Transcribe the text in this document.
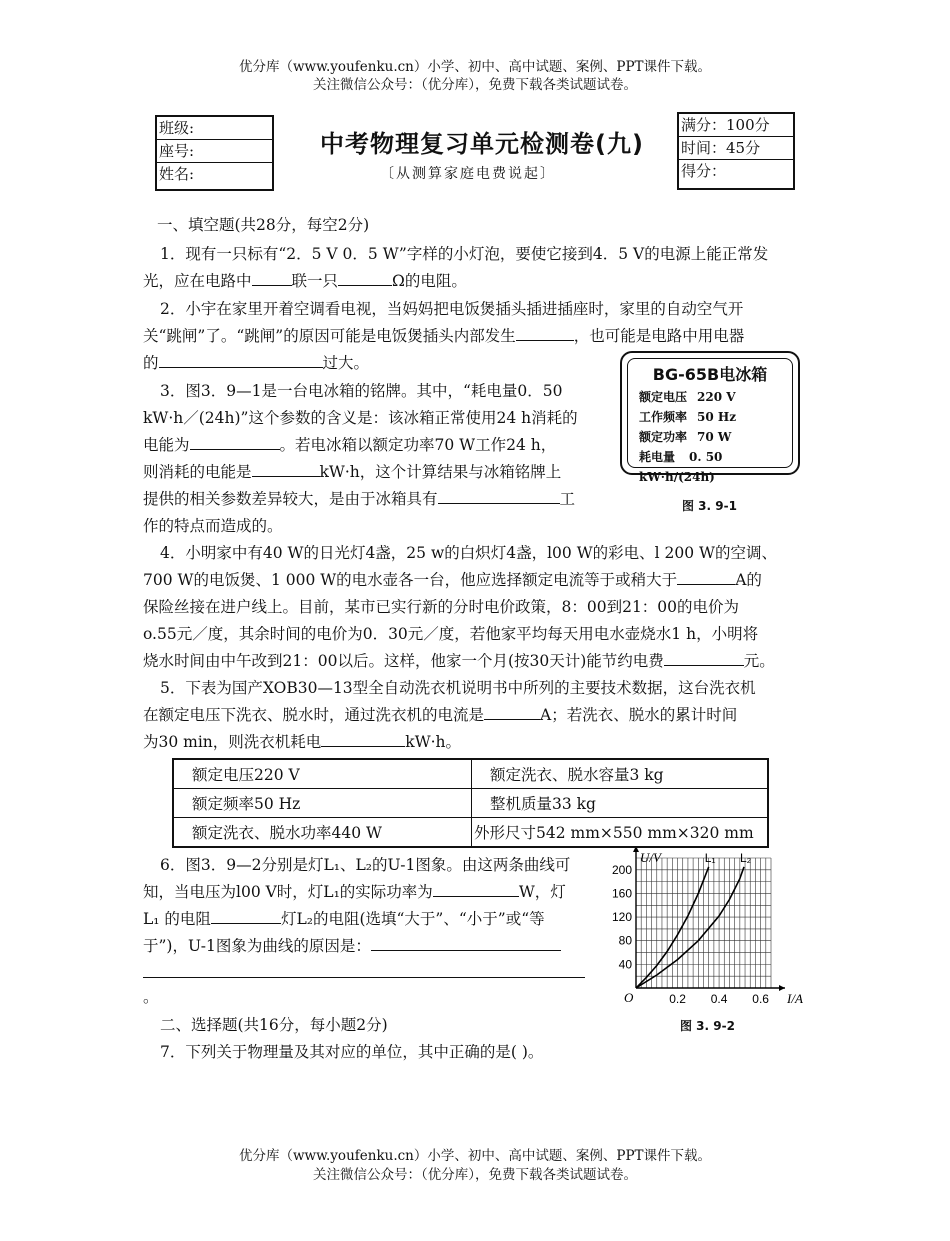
优分库（www.youfenku.cn）小学、初中、高中试题、案例、PPT课件下载。
关注微信公众号：（优分库），免费下载各类试题试卷。
班级:
座号:
姓名:
中考物理复习单元检测卷(九)
〔从测算家庭电费说起〕
满分：100分
时间：45分
得分：
一、填空题(共28分，每空2分)
1．现有一只标有“2．5 V 0．5 W”字样的小灯泡，要使它接到4．5 V的电源上能正常发
光，应在电路中	联一只	Ω的电阻。
2．小宇在家里开着空调看电视，当妈妈把电饭煲插头插进插座时，家里的自动空气开
关“跳闸”了。“跳闸”的原因可能是电饭煲插头内部发生	，也可能是电路中用电器
的	过大。
3．图3．9—1是一台电冰箱的铭牌。其中，“耗电量0．50
kW·h／(24h)”这个参数的含义是：该冰箱正常使用24 h消耗的
电能为	。若电冰箱以额定功率70 W工作24 h，
则消耗的电能是	kW·h，这个计算结果与冰箱铭牌上
提供的相关参数差异较大，是由于冰箱具有	工
作的特点而造成的。
BG-65B电冰箱
额定电压 220 V
工作频率 50 Hz
额定功率 70 W
耗电量 0. 50 kW·h/(24h)
图 3. 9-1
4．小明家中有40 W的日光灯4盏，25 w的白炽灯4盏，l00 W的彩电、l 200 W的空调、
700 W的电饭煲、1 000 W的电水壶各一台，他应选择额定电流等于或稍大于	A的
保险丝接在进户线上。目前，某市已实行新的分时电价政策，8：00到21：00的电价为
o.55元／度，其余时间的电价为0．30元／度，若他家平均每天用电水壶烧水1 h，小明将
烧水时间由中午改到21：00以后。这样，他家一个月(按30天计)能节约电费	元。
5．下表为国产XOB30—13型全自动洗衣机说明书中所列的主要技术数据，这台洗衣机
在额定电压下洗衣、脱水时，通过洗衣机的电流是	A；若洗衣、脱水的累计时间
为30 min，则洗衣机耗电	kW·h。
额定电压220 V	额定洗衣、脱水容量3 kg
额定频率50 Hz	整机质量33 kg
额定洗衣、脱水功率440 W	外形尺寸542 mm×550 mm×320 mm
6．图3．9—2分别是灯L₁、L₂的U-1图象。由这两条曲线可
知，当电压为l00 V时，灯L₁的实际功率为	W，灯
L₁ 的电阻	灯L₂的电阻(选填“大于”、“小于”或“等
于”)，U-1图象为曲线的原因是：
。
40
80
120
160
200
0.2 0.4 0.6
O	I/A
U/V	L₁ L₂
图 3. 9-2
二、选择题(共16分，每小题2分)
7．下列关于物理量及其对应的单位，其中正确的是( )。
优分库（www.youfenku.cn）小学、初中、高中试题、案例、PPT课件下载。
关注微信公众号：（优分库），免费下载各类试题试卷。
